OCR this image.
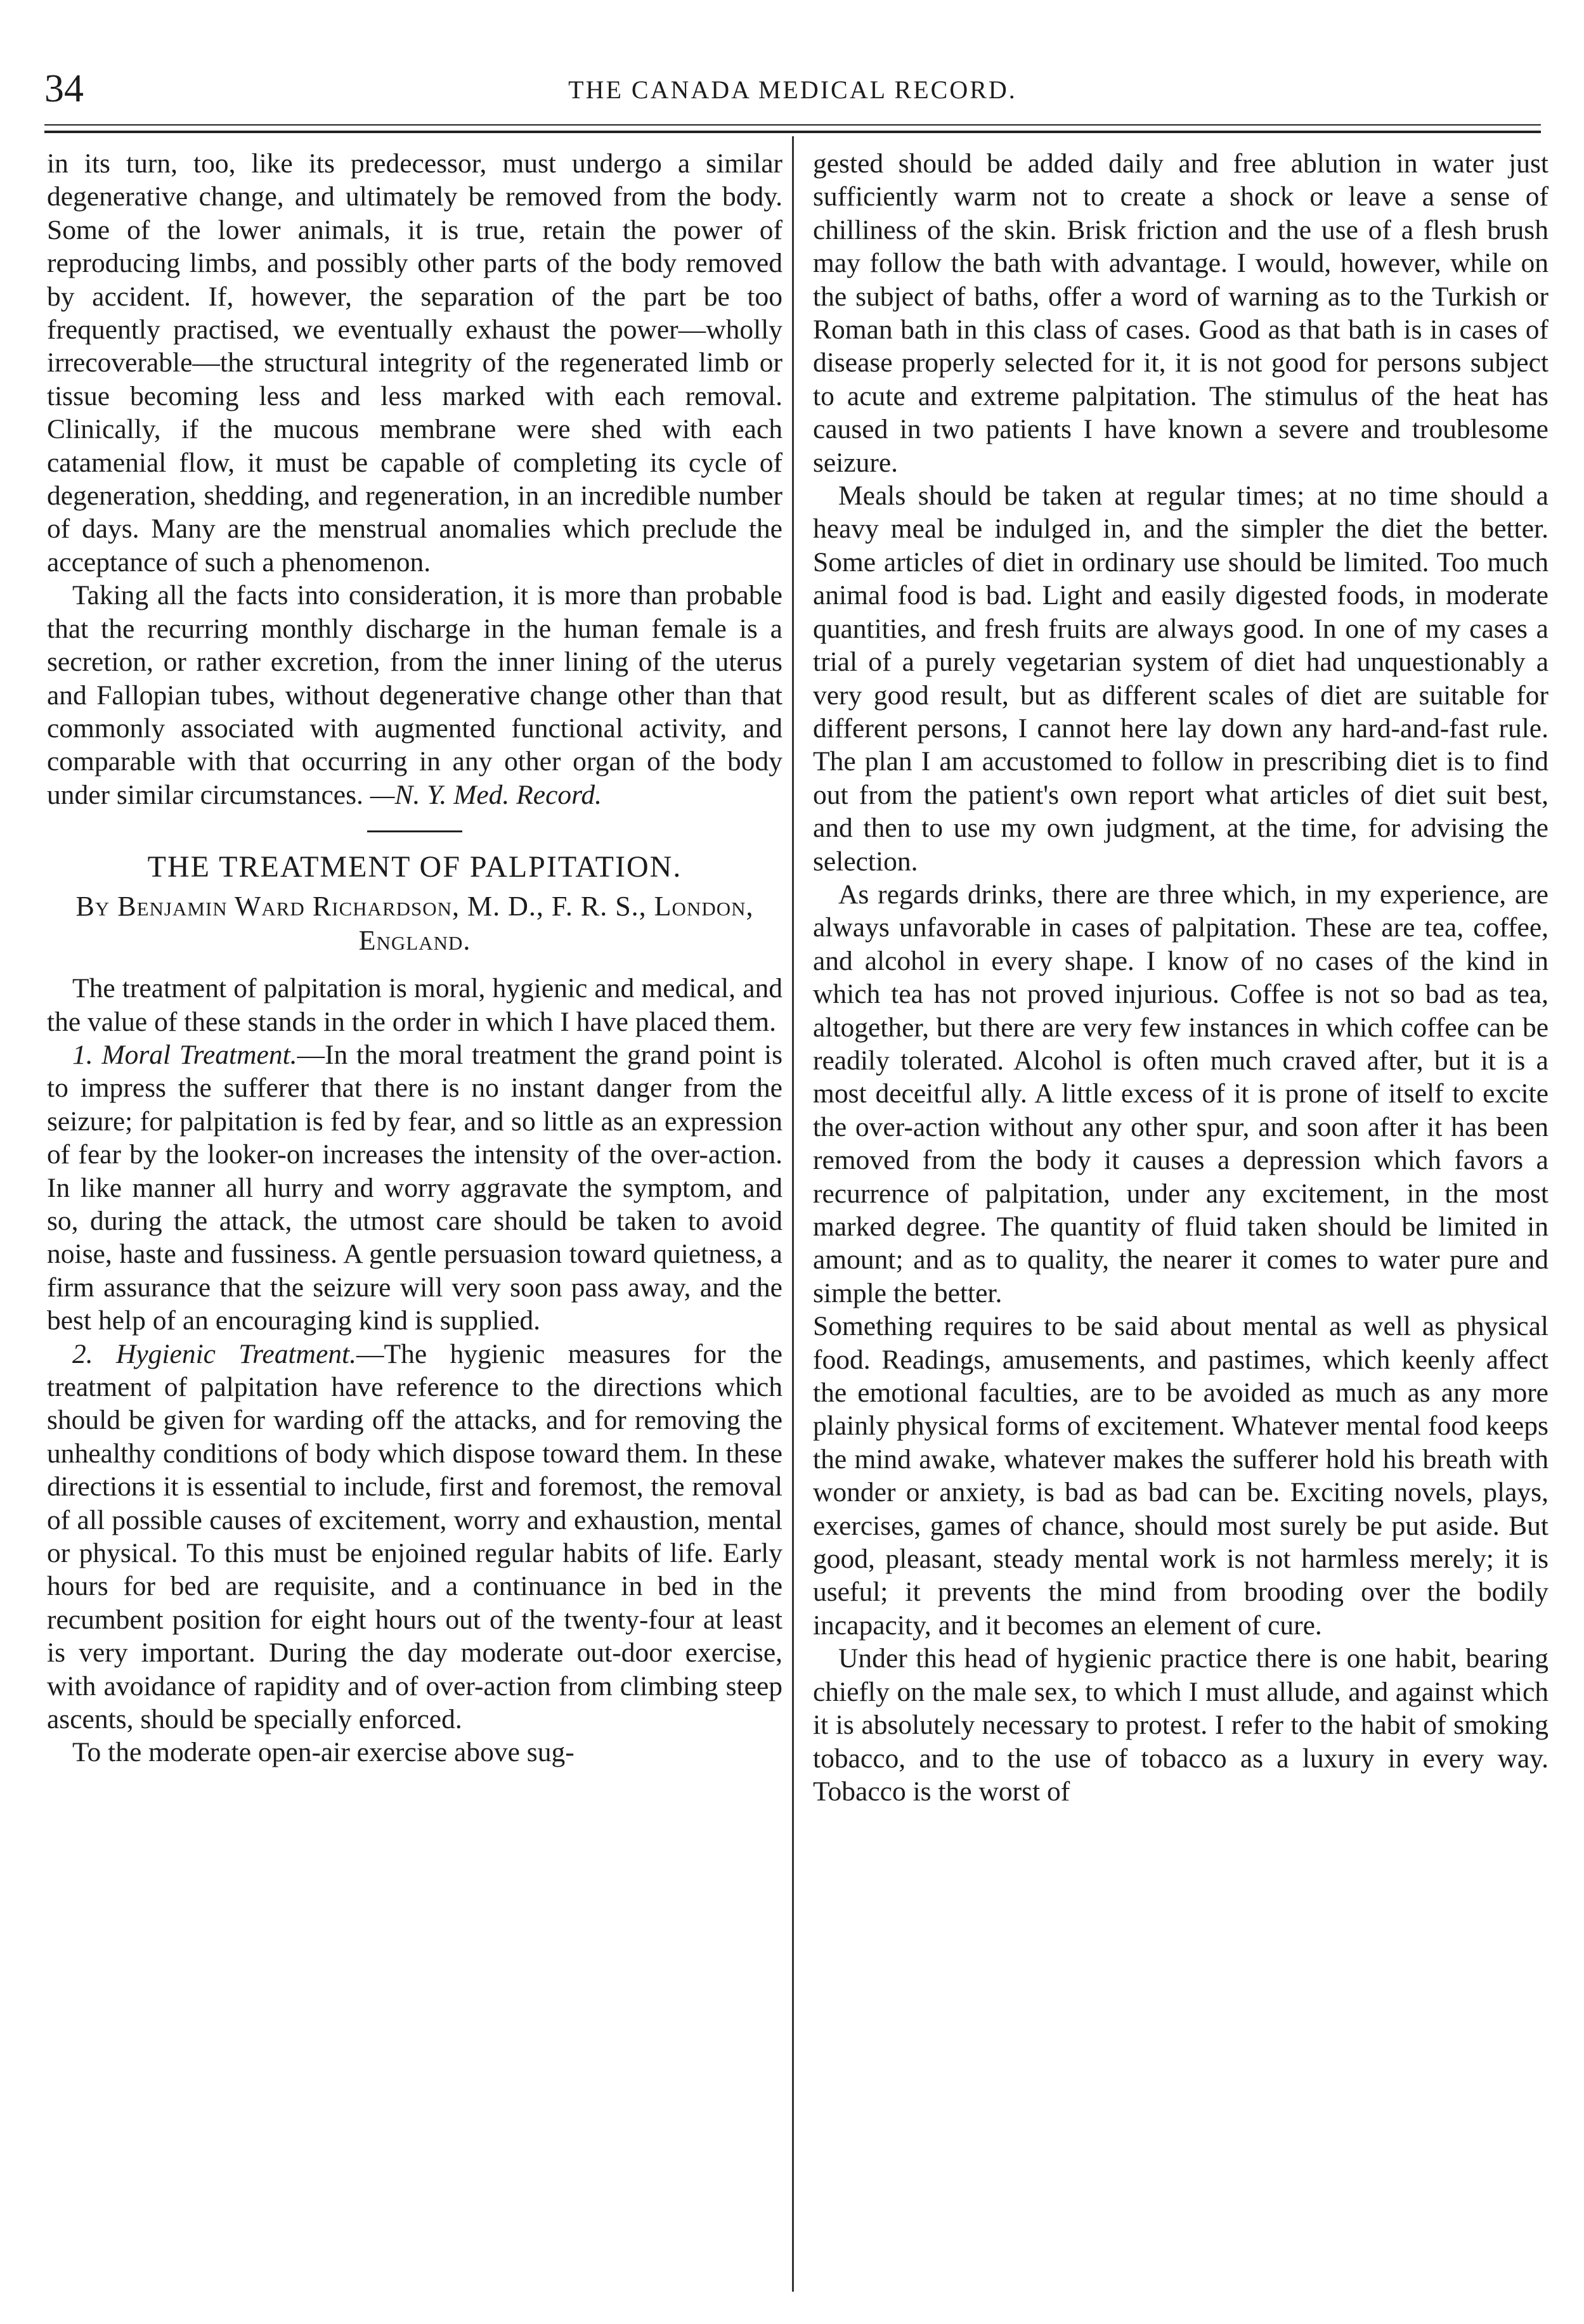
34	THE CANADA MEDICAL RECORD.

in its turn, too, like its predecessor, must undergo a similar degenerative change, and ultimately be removed from the body. Some of the lower animals, it is true, retain the power of reproducing limbs, and possibly other parts of the body removed by accident. If, however, the separation of the part be too frequently practised, we eventually exhaust the power—wholly irrecoverable—the structural integrity of the regenerated limb or tissue becoming less and less marked with each removal. Clinically, if the mucous membrane were shed with each catamenial flow, it must be capable of completing its cycle of degeneration, shedding, and regeneration, in an incredible number of days. Many are the menstrual anomalies which preclude the acceptance of such a phenomenon.

Taking all the facts into consideration, it is more than probable that the recurring monthly discharge in the human female is a secretion, or rather excretion, from the inner lining of the uterus and Fallopian tubes, without degenerative change other than that commonly associated with augmented functional activity, and comparable with that occurring in any other organ of the body under similar circumstances. —N. Y. Med. Record.

THE TREATMENT OF PALPITATION.
By Benjamin Ward Richardson, M. D., F. R. S., London, England.

The treatment of palpitation is moral, hygienic and medical, and the value of these stands in the order in which I have placed them.

1. Moral Treatment.—In the moral treatment the grand point is to impress the sufferer that there is no instant danger from the seizure; for palpitation is fed by fear, and so little as an expression of fear by the looker-on increases the intensity of the over-action. In like manner all hurry and worry aggravate the symptom, and so, during the attack, the utmost care should be taken to avoid noise, haste and fussiness. A gentle persuasion toward quietness, a firm assurance that the seizure will very soon pass away, and the best help of an encouraging kind is supplied.

2. Hygienic Treatment.—The hygienic measures for the treatment of palpitation have reference to the directions which should be given for warding off the attacks, and for removing the unhealthy conditions of body which dispose toward them. In these directions it is essential to include, first and foremost, the removal of all possible causes of excitement, worry and exhaustion, mental or physical. To this must be enjoined regular habits of life. Early hours for bed are requisite, and a continuance in bed in the recumbent position for eight hours out of the twenty-four at least is very important. During the day moderate out-door exercise, with avoidance of rapidity and of over-action from climbing steep ascents, should be specially enforced.

To the moderate open-air exercise above sug-

gested should be added daily and free ablution in water just sufficiently warm not to create a shock or leave a sense of chilliness of the skin. Brisk friction and the use of a flesh brush may follow the bath with advantage. I would, however, while on the subject of baths, offer a word of warning as to the Turkish or Roman bath in this class of cases. Good as that bath is in cases of disease properly selected for it, it is not good for persons subject to acute and extreme palpitation. The stimulus of the heat has caused in two patients I have known a severe and troublesome seizure.

Meals should be taken at regular times; at no time should a heavy meal be indulged in, and the simpler the diet the better. Some articles of diet in ordinary use should be limited. Too much animal food is bad. Light and easily digested foods, in moderate quantities, and fresh fruits are always good. In one of my cases a trial of a purely vegetarian system of diet had unquestionably a very good result, but as different scales of diet are suitable for different persons, I cannot here lay down any hard-and-fast rule. The plan I am accustomed to follow in prescribing diet is to find out from the patient's own report what articles of diet suit best, and then to use my own judgment, at the time, for advising the selection.

As regards drinks, there are three which, in my experience, are always unfavorable in cases of palpitation. These are tea, coffee, and alcohol in every shape. I know of no cases of the kind in which tea has not proved injurious. Coffee is not so bad as tea, altogether, but there are very few instances in which coffee can be readily tolerated. Alcohol is often much craved after, but it is a most deceitful ally. A little excess of it is prone of itself to excite the over-action without any other spur, and soon after it has been removed from the body it causes a depression which favors a recurrence of palpitation, under any excitement, in the most marked degree. The quantity of fluid taken should be limited in amount; and as to quality, the nearer it comes to water pure and simple the better.

Something requires to be said about mental as well as physical food. Readings, amusements, and pastimes, which keenly affect the emotional faculties, are to be avoided as much as any more plainly physical forms of excitement. Whatever mental food keeps the mind awake, whatever makes the sufferer hold his breath with wonder or anxiety, is bad as bad can be. Exciting novels, plays, exercises, games of chance, should most surely be put aside. But good, pleasant, steady mental work is not harmless merely; it is useful; it prevents the mind from brooding over the bodily incapacity, and it becomes an element of cure.

Under this head of hygienic practice there is one habit, bearing chiefly on the male sex, to which I must allude, and against which it is absolutely necessary to protest. I refer to the habit of smoking tobacco, and to the use of tobacco as a luxury in every way. Tobacco is the worst of
